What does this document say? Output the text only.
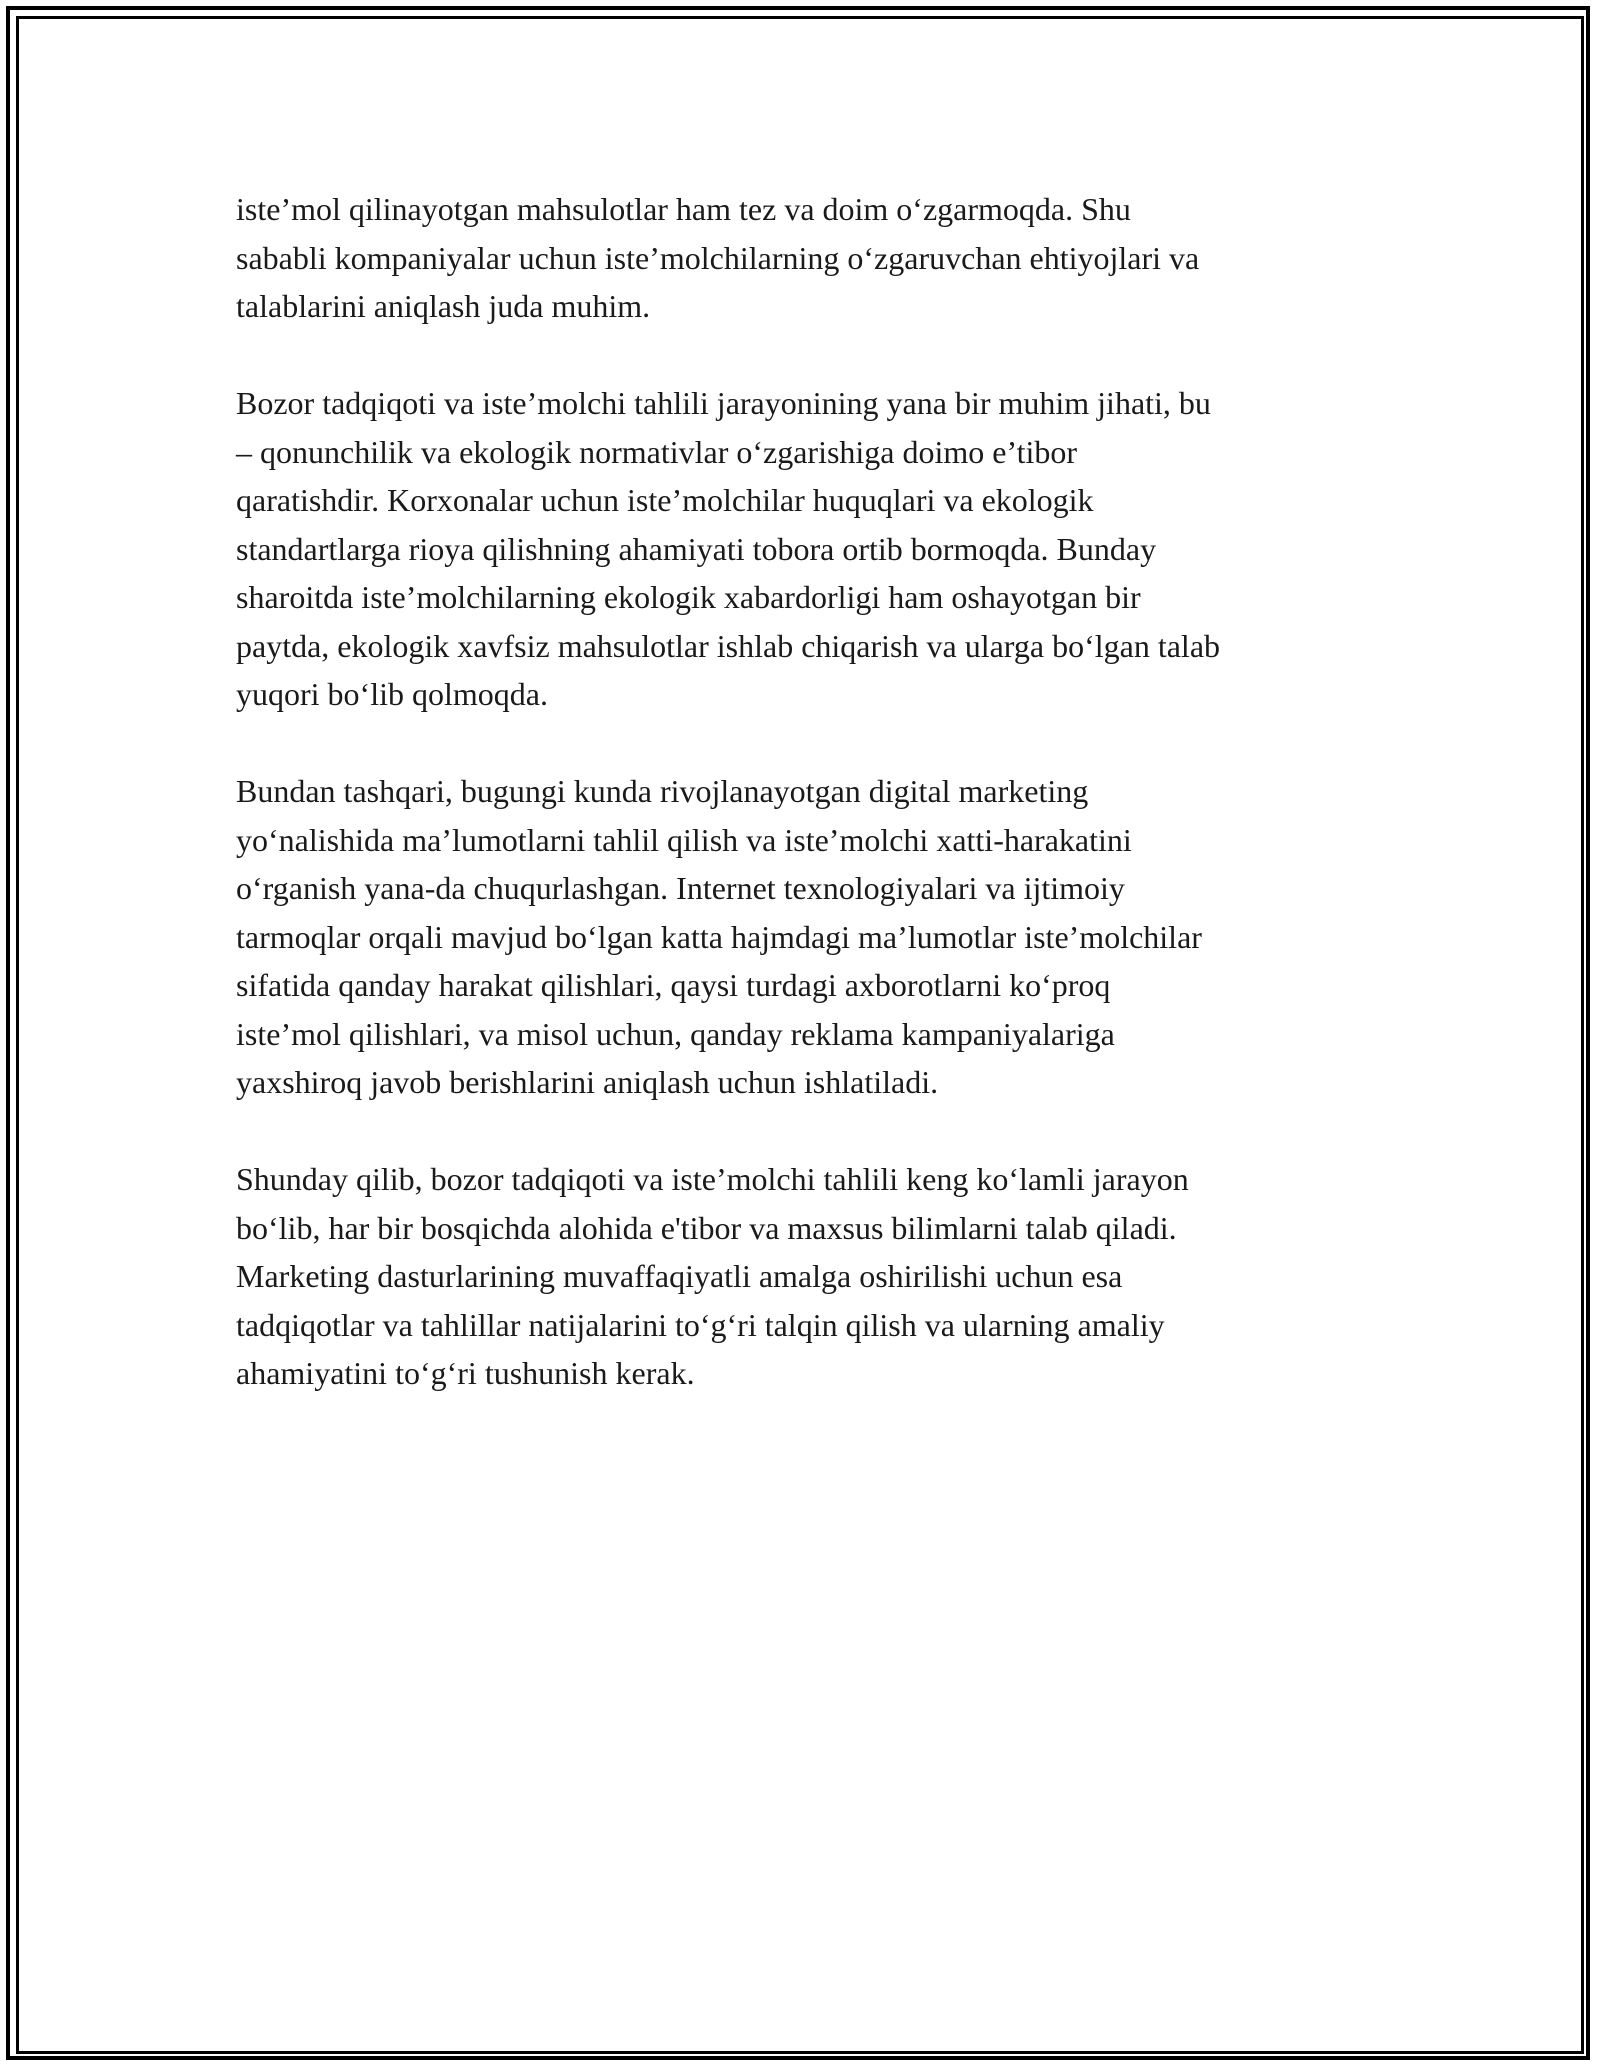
iste’mol qilinayotgan mahsulotlar ham tez va doim o‘zgarmoqda. Shu
sababli kompaniyalar uchun iste’molchilarning o‘zgaruvchan ehtiyojlari va
talablarini aniqlash juda muhim.

Bozor tadqiqoti va iste’molchi tahlili jarayonining yana bir muhim jihati, bu
– qonunchilik va ekologik normativlar o‘zgarishiga doimo e’tibor
qaratishdir. Korxonalar uchun iste’molchilar huquqlari va ekologik
standartlarga rioya qilishning ahamiyati tobora ortib bormoqda. Bunday
sharoitda iste’molchilarning ekologik xabardorligi ham oshayotgan bir
paytda, ekologik xavfsiz mahsulotlar ishlab chiqarish va ularga bo‘lgan talab
yuqori bo‘lib qolmoqda.

Bundan tashqari, bugungi kunda rivojlanayotgan digital marketing
yo‘nalishida ma’lumotlarni tahlil qilish va iste’molchi xatti-harakatini
o‘rganish yana-da chuqurlashgan. Internet texnologiyalari va ijtimoiy
tarmoqlar orqali mavjud bo‘lgan katta hajmdagi ma’lumotlar iste’molchilar
sifatida qanday harakat qilishlari, qaysi turdagi axborotlarni ko‘proq
iste’mol qilishlari, va misol uchun, qanday reklama kampaniyalariga
yaxshiroq javob berishlarini aniqlash uchun ishlatiladi.

Shunday qilib, bozor tadqiqoti va iste’molchi tahlili keng ko‘lamli jarayon
bo‘lib, har bir bosqichda alohida e'tibor va maxsus bilimlarni talab qiladi.
Marketing dasturlarining muvaffaqiyatli amalga oshirilishi uchun esa
tadqiqotlar va tahlillar natijalarini to‘g‘ri talqin qilish va ularning amaliy
ahamiyatini to‘g‘ri tushunish kerak.
